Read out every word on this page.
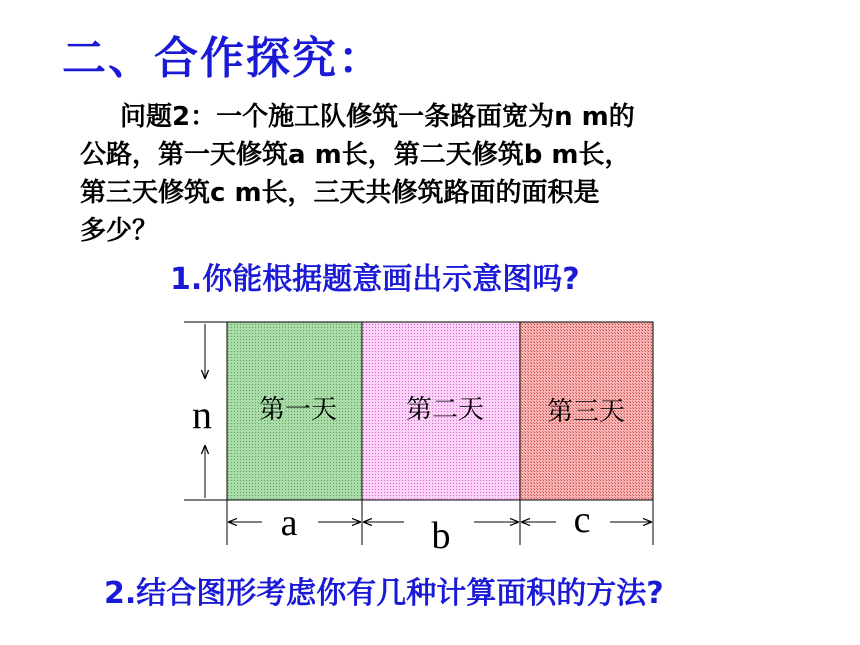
二、合作探究：
问题2：一个施工队修筑一条路面宽为n m的
公路，第一天修筑a m长，第二天修筑b m长，
第三天修筑c m长，三天共修筑路面的面积是
多少？
1.你能根据题意画出示意图吗?
第一天	第二天 第三天
n
a	b	c
2.结合图形考虑你有几种计算面积的方法?
